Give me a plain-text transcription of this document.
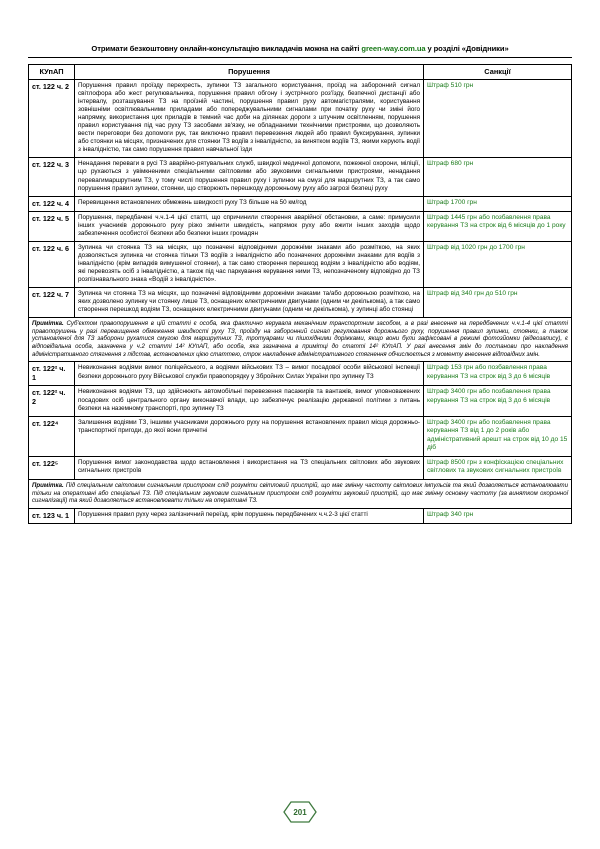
Отримати безкоштовну онлайн-консультацію викладачів можна на сайті green-way.com.ua у розділі «Довідники»
КУпАП	Порушення	Санкції
ст. 122 ч. 2	Порушення правил проїзду перехресть, зупинки ТЗ загального користування, проїзд на заборонний сигнал світлофора або жест регулювальника, порушення правил обгону і зустрічного роз'їзду, безпечної дистанції або інтервалу, розташування ТЗ на проїзній частині, порушення правил руху автомагістралями, користування зовнішніми освітлювальними приладами або попереджувальними сигналами при початку руху чи зміні його напрямку, використання цих приладів в темний час доби на ділянках дороги з штучним освітленням, порушення правил користування під час руху ТЗ засобами зв'язку, не обладнаними технічними пристроями, що дозволяють вести переговори без допомоги рук, так виключно правил перевезення людей або правил буксирування, зупинки або стоянки на місцях, призначених для стоянки ТЗ водіїв з інвалідністю, за винятком водіїв ТЗ, якими керують водії з інвалідністю, так само порушення правил навчальної їзди	Штраф 510 грн
ст. 122 ч. 3	Ненадання переваги в русі ТЗ аварійно-рятувальних служб, швидкої медичної допомоги, пожежної охорони, міліції, що рухаються з увімкненими спеціальними світловими або звуковими сигнальними пристроями, ненадання перевагимаршрутним ТЗ, у тому числі порушення правил руху і зупинки на смузі для маршрутних ТЗ, а так само порушення правил зупинки, стоянки, що створюють перешкоду дорожньому руху або загрозі безпеці руху	Штраф 680 грн
ст. 122 ч. 4	Перевищення встановлених обмежень швидкості руху ТЗ більше на 50 км/год	Штраф 1700 грн
ст. 122 ч. 5	Порушення, передбачені ч.ч.1-4 цієї статті, що спричинили створення аварійної обстановки, а саме: примусили інших учасників дорожнього руху різко змінити швидкість, напрямок руху або вжити інших заходів щодо забезпечення особистої безпеки або безпеки інших громадян	Штраф 1445 грн або позбавлення права керування ТЗ на строк від 6 місяців до 1 року
ст. 122 ч. 6	Зупинка чи стоянка ТЗ на місцях, що позначені відповідними дорожніми знаками або розміткою, на яких дозволяється зупинка чи стоянка тільки ТЗ водіїв з інвалідністю або позначених дорожніми знаками для водіїв з інвалідністю (крім випадків вимушеної стоянки), а так само створення перешкод водіям з інвалідністю або водіям, які перевозять осіб з інвалідністю, а також під час паркування керування ними ТЗ, непозначеному відповідно до ТЗ розпізнавального знака «Водій з інвалідністю».	Штраф від 1020 грн до 1700 грн
ст. 122 ч. 7	Зупинка чи стоянка ТЗ на місцях, що позначені відповідними дорожніми знаками та/або дорожньою розміткою, на яких дозволено зупинку чи стоянку лише ТЗ, оснащених електричними двигунами (одним чи декількома), а так само створення перешкод водіям ТЗ, оснащених електричними двигунами (одним чи декількома), у зупинці або стоянці	Штраф від 340 грн до 510 грн
Примітка. Суб'єктом правопорушення в цій статті є особа, яка фактично керувала механічним транспортним засобом, а в разі внесення на передбачених ч.ч.1-4 цієї статті правопорушень у разі перевищення обмеження швидкості руху ТЗ, проїзду на заборонний сигнал регулювання дорожнього руху, порушення правил зупинки, стоянки, а також установленої для ТЗ заборони рухатися смугою для маршрутних ТЗ, тротуарами чи пішохідними доріжками, якщо вони були зафіксовані в режимі фотозйомки (відеозапису), є відповідальна особа, зазначена у ч.2 статті 14² КУпАП, або особа, яка зазначена в примітці до статті 14² КУпАП. У разі внесення змін до постанови про накладення адміністративного стягнення з підстав, встановлених цією статтею, строк накладення адміністративного стягнення обчислюється з моменту внесення відповідних змін.		
ст. 122² ч. 1	Невиконання водіями вимог поліцейського, а водіями військових ТЗ – вимог посадової особи військової інспекції безпеки дорожнього руху Військової служби правопорядку у Збройних Силах України про зупинку ТЗ	Штраф 153 грн або позбавлення права керування ТЗ на строк від 3 до 6 місяців
ст. 122² ч. 2	Невиконання водіями ТЗ, що здійснюють автомобільні перевезення пасажирів та вантажів, вимог уповноважених посадових осіб центрального органу виконавчої влади, що забезпечує реалізацію державної політики з питань безпеки на наземному транспорті, про зупинку ТЗ	Штраф 3400 грн або позбавлення права керування ТЗ на строк від 3 до 6 місяців
ст. 122⁴	Залишення водіями ТЗ, іншими учасниками дорожнього руху на порушення встановлених правил місця дорожньо-транспортної пригоди, до якої вони причетні	Штраф 3400 грн або позбавлення права керування ТЗ від 1 до 2 років або адміністративний арешт на строк від 10 до 15 діб
ст. 122⁵	Порушення вимог законодавства щодо встановлення і використання на ТЗ спеціальних світлових або звукових сигнальних пристроїв	Штраф 8500 грн з конфіскацією спеціальних світлових та звукових сигнальних пристроїв
Примітка. Під спеціальним світловим сигнальним пристроєм слід розуміти світловий пристрій, що має змінну частоту світлових імпульсів та який дозволяється встановлювати тільки на оперативні або спеціальні ТЗ. Під спеціальним звуковим сигнальним пристроєм слід розуміти звуковий пристрій, що має змінну основну частоту (за винятком охоронної сигналізації) та який дозволяється встановлювати тільки на оперативні ТЗ.		
ст. 123 ч. 1	Порушення правил руху через залізничний переїзд, крім порушень передбачених ч.ч.2-3 цієї статті	Штраф 340 грн
201
